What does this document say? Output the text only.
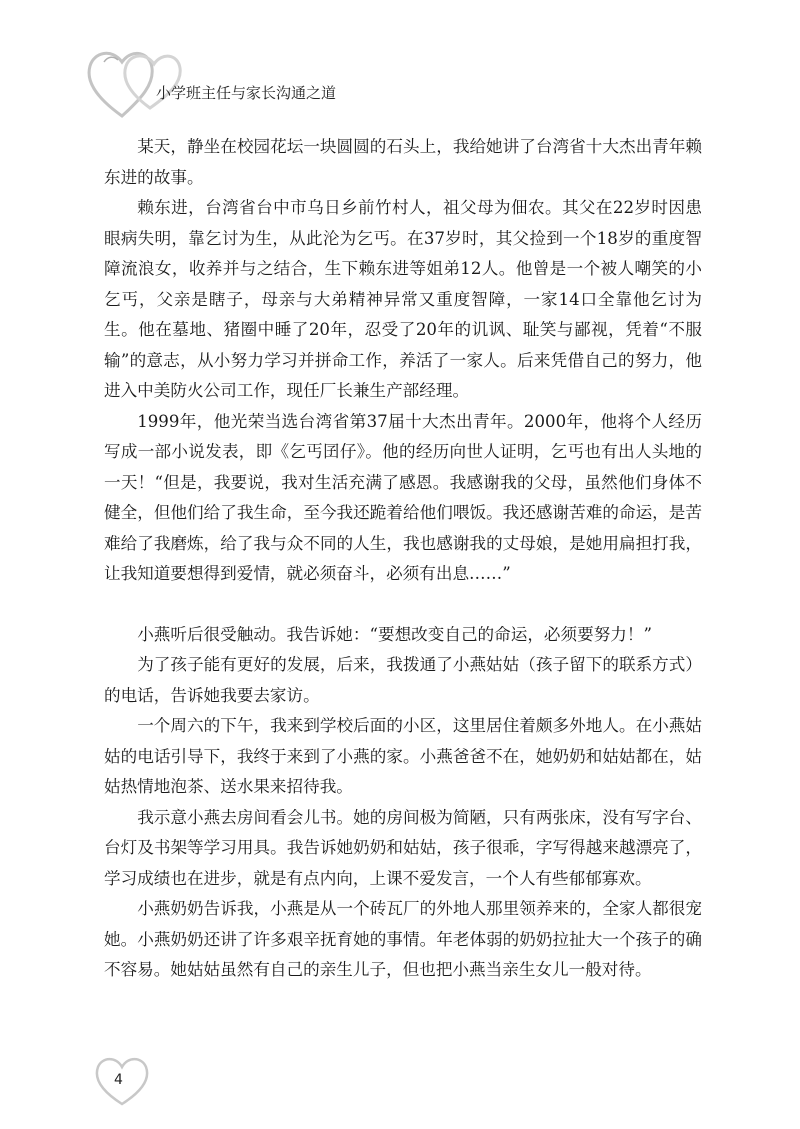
小学班主任与家长沟通之道

某天，静坐在校园花坛一块圆圆的石头上，我给她讲了台湾省十大杰出青年赖东进的故事。

赖东进，台湾省台中市乌日乡前竹村人，祖父母为佃农。其父在22岁时因患眼病失明，靠乞讨为生，从此沦为乞丐。在37岁时，其父捡到一个18岁的重度智障流浪女，收养并与之结合，生下赖东进等姐弟12人。他曾是一个被人嘲笑的小乞丐，父亲是瞎子，母亲与大弟精神异常又重度智障，一家14口全靠他乞讨为生。他在墓地、猪圈中睡了20年，忍受了20年的讥讽、耻笑与鄙视，凭着“不服输”的意志，从小努力学习并拼命工作，养活了一家人。后来凭借自己的努力，他进入中美防火公司工作，现任厂长兼生产部经理。

1999年，他光荣当选台湾省第37届十大杰出青年。2000年，他将个人经历写成一部小说发表，即《乞丐囝仔》。他的经历向世人证明，乞丐也有出人头地的一天！“但是，我要说，我对生活充满了感恩。我感谢我的父母，虽然他们身体不健全，但他们给了我生命，至今我还跪着给他们喂饭。我还感谢苦难的命运，是苦难给了我磨炼，给了我与众不同的人生，我也感谢我的丈母娘，是她用扁担打我，让我知道要想得到爱情，就必须奋斗，必须有出息……”

小燕听后很受触动。我告诉她：“要想改变自己的命运，必须要努力！”

为了孩子能有更好的发展，后来，我拨通了小燕姑姑（孩子留下的联系方式）的电话，告诉她我要去家访。

一个周六的下午，我来到学校后面的小区，这里居住着颇多外地人。在小燕姑姑的电话引导下，我终于来到了小燕的家。小燕爸爸不在，她奶奶和姑姑都在，姑姑热情地泡茶、送水果来招待我。

我示意小燕去房间看会儿书。她的房间极为简陋，只有两张床，没有写字台、台灯及书架等学习用具。我告诉她奶奶和姑姑，孩子很乖，字写得越来越漂亮了，学习成绩也在进步，就是有点内向，上课不爱发言，一个人有些郁郁寡欢。

小燕奶奶告诉我，小燕是从一个砖瓦厂的外地人那里领养来的，全家人都很宠她。小燕奶奶还讲了许多艰辛抚育她的事情。年老体弱的奶奶拉扯大一个孩子的确不容易。她姑姑虽然有自己的亲生儿子，但也把小燕当亲生女儿一般对待。

4
